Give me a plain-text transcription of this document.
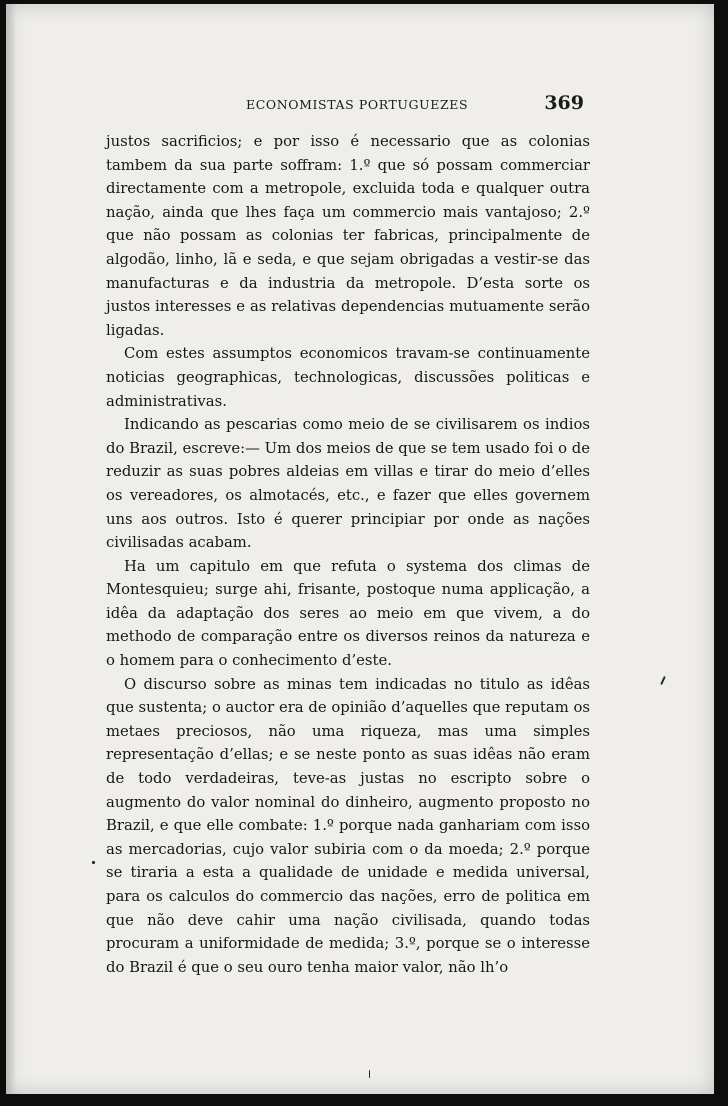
ECONOMISTAS PORTUGUEZES	369

justos sacrificios; e por isso é necessario que as colonias tambem da sua parte soffram: 1.º que só possam commerciar directamente com a metropole, excluida toda e qualquer outra nação, ainda que lhes faça um commercio mais vantajoso; 2.º que não possam as colonias ter fabricas, principalmente de algodão, linho, lã e seda, e que sejam obrigadas a vestir-se das manufacturas e da industria da metropole. D’esta sorte os justos interesses e as relativas dependencias mutuamente serão ligadas.

Com estes assumptos economicos travam-se continuamente noticias geographicas, technologicas, discussões politicas e administrativas.

Indicando as pescarias como meio de se civilisarem os indios do Brazil, escreve:— Um dos meios de que se tem usado foi o de reduzir as suas pobres aldeias em villas e tirar do meio d’elles os vereadores, os almotacés, etc., e fazer que elles governem uns aos outros. Isto é querer principiar por onde as nações civilisadas acabam.

Ha um capitulo em que refuta o systema dos climas de Montesquieu; surge ahi, frisante, postoque numa applicação, a idêa da adaptação dos seres ao meio em que vivem, a do methodo de comparação entre os diversos reinos da natureza e o homem para o conhecimento d’este.

O discurso sobre as minas tem indicadas no titulo as idêas que sustenta; o auctor era de opinião d’aquelles que reputam os metaes preciosos, não uma riqueza, mas uma simples representação d’ellas; e se neste ponto as suas idêas não eram de todo verdadeiras, teve-as justas no escripto sobre o augmento do valor nominal do dinheiro, augmento proposto no Brazil, e que elle combate: 1.º porque nada ganhariam com isso as mercadorias, cujo valor subiria com o da moeda; 2.º porque se tiraria a esta a qualidade de unidade e medida universal, para os calculos do commercio das nações, erro de politica em que não deve cahir uma nação civilisada, quando todas procuram a uniformidade de medida; 3.º, porque se o interesse do Brazil é que o seu ouro tenha maior valor, não lh’o
